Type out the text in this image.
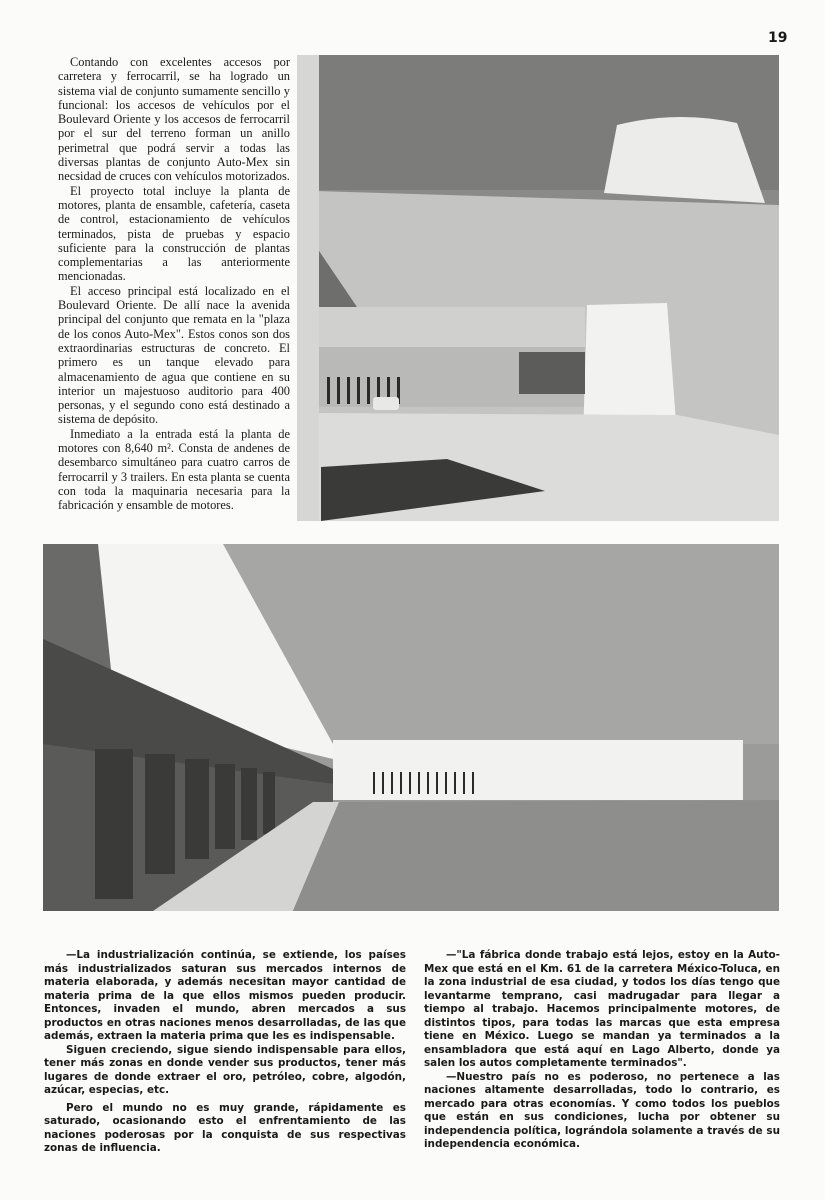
19

Contando con excelentes accesos por carretera y ferrocarril, se ha logrado un sistema vial de conjunto sumamente sencillo y funcional: los accesos de vehículos por el Boulevard Oriente y los accesos de ferrocarril por el sur del terreno forman un anillo perimetral que podrá servir a todas las diversas plantas de conjunto Auto-Mex sin necsidad de cruces con vehículos motorizados.

El proyecto total incluye la planta de motores, planta de ensamble, cafetería, caseta de control, estacionamiento de vehículos terminados, pista de pruebas y espacio suficiente para la construcción de plantas complementarias a las anteriormente mencionadas.

El acceso principal está localizado en el Boulevard Oriente. De allí nace la avenida principal del conjunto que remata en la "plaza de los conos Auto-Mex". Estos conos son dos extraordinarias estructuras de concreto. El primero es un tanque elevado para almacenamiento de agua que contiene en su interior un majestuoso auditorio para 400 personas, y el segundo cono está destinado a sistema de depósito.

Inmediato a la entrada está la planta de motores con 8,640 m². Consta de andenes de desembarco simultáneo para cuatro carros de ferrocarril y 3 trailers. En esta planta se cuenta con toda la maquinaria necesaria para la fabricación y ensamble de motores.

—La industrialización continúa, se extiende, los países más industrializados saturan sus mercados internos de materia elaborada, y además necesitan mayor cantidad de materia prima de la que ellos mismos pueden producir. Entonces, invaden el mundo, abren mercados a sus productos en otras naciones menos desarrolladas, de las que además, extraen la materia prima que les es indispensable.

Siguen creciendo, sigue siendo indispensable para ellos, tener más zonas en donde vender sus productos, tener más lugares de donde extraer el oro, petróleo, cobre, algodón, azúcar, especias, etc.

Pero el mundo no es muy grande, rápidamente es saturado, ocasionando esto el enfrentamiento de las naciones poderosas por la conquista de sus respectivas zonas de influencia.

—"La fábrica donde trabajo está lejos, estoy en la Auto-Mex que está en el Km. 61 de la carretera México-Toluca, en la zona industrial de esa ciudad, y todos los días tengo que levantarme temprano, casi madrugadar para llegar a tiempo al trabajo. Hacemos principalmente motores, de distintos tipos, para todas las marcas que esta empresa tiene en México. Luego se mandan ya terminados a la ensambladora que está aquí en Lago Alberto, donde ya salen los autos completamente terminados".

—Nuestro país no es poderoso, no pertenece a las naciones altamente desarrolladas, todo lo contrario, es mercado para otras economías. Y como todos los pueblos que están en sus condiciones, lucha por obtener su independencia política, lográndola solamente a través de su independencia económica.
